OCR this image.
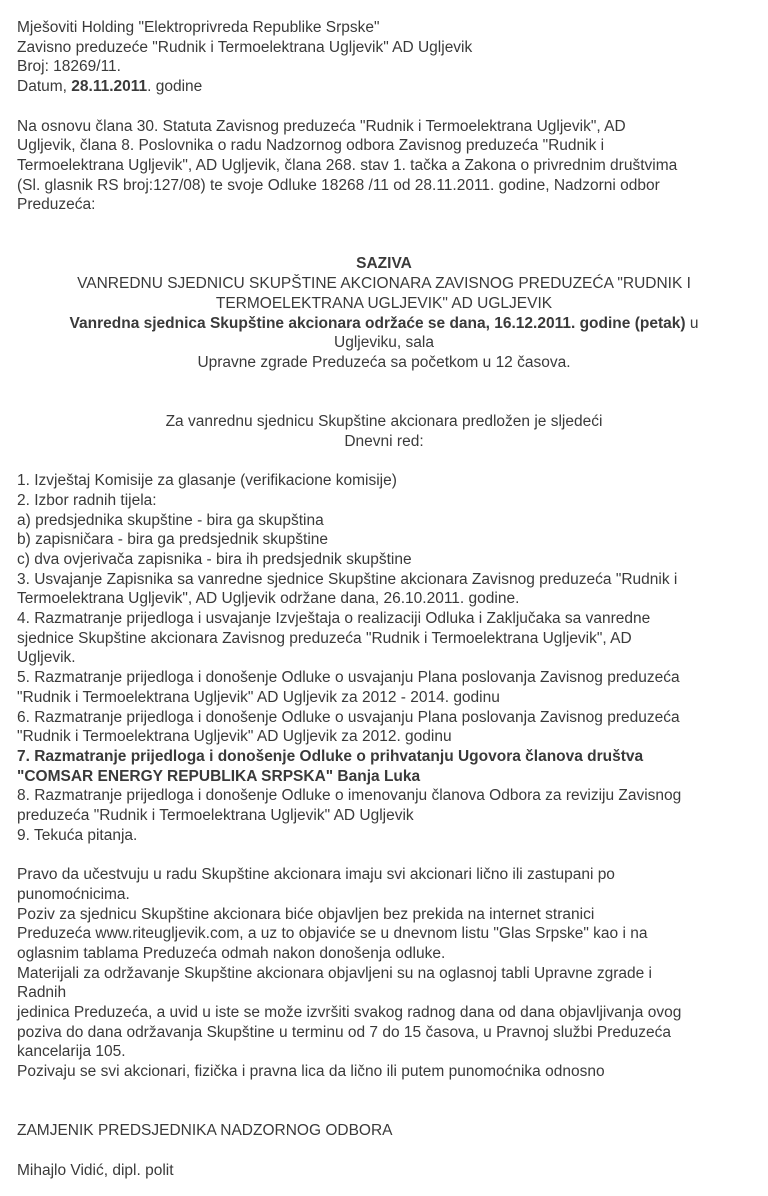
Mješoviti Holding "Elektroprivreda Republike Srpske"
Zavisno preduzeće "Rudnik i Termoelektrana Ugljevik" AD Ugljevik
Broj: 18269/11.
Datum, 28.11.2011. godine
Na osnovu člana 30. Statuta Zavisnog preduzeća "Rudnik i Termoelektrana Ugljevik", AD
Ugljevik, člana 8. Poslovnika o radu Nadzornog odbora Zavisnog preduzeća "Rudnik i
Termoelektrana Ugljevik", AD Ugljevik, člana 268. stav 1. tačka a Zakona o privrednim društvima
(Sl. glasnik RS broj:127/08) te svoje Odluke 18268 /11 od 28.11.2011. godine, Nadzorni odbor
Preduzeća:
SAZIVA
VANREDNU SJEDNICU SKUPŠTINE AKCIONARA ZAVISNOG PREDUZEĆA "RUDNIK I
TERMOELEKTRANA UGLJEVIK" AD UGLJEVIK
Vanredna sjednica Skupštine akcionara održaće se dana, 16.12.2011. godine (petak) u
Ugljeviku, sala
Upravne zgrade Preduzeća sa početkom u 12 časova.
Za vanrednu sjednicu Skupštine akcionara predložen je sljedeći
Dnevni red:
1. Izvještaj Komisije za glasanje (verifikacione komisije)
2. Izbor radnih tijela:
a) predsjednika skupštine - bira ga skupština
b) zapisničara - bira ga predsjednik skupštine
c) dva ovjerivača zapisnika - bira ih predsjednik skupštine
3. Usvajanje Zapisnika sa vanredne sjednice Skupštine akcionara Zavisnog preduzeća "Rudnik i
Termoelektrana Ugljevik", AD Ugljevik održane dana, 26.10.2011. godine.
4. Razmatranje prijedloga i usvajanje Izvještaja o realizaciji Odluka i Zaključaka sa vanredne
sjednice Skupštine akcionara Zavisnog preduzeća "Rudnik i Termoelektrana Ugljevik", AD
Ugljevik.
5. Razmatranje prijedloga i donošenje Odluke o usvajanju Plana poslovanja Zavisnog preduzeća
"Rudnik i Termoelektrana Ugljevik" AD Ugljevik za 2012 - 2014. godinu
6. Razmatranje prijedloga i donošenje Odluke o usvajanju Plana poslovanja Zavisnog preduzeća
"Rudnik i Termoelektrana Ugljevik" AD Ugljevik za 2012. godinu
7. Razmatranje prijedloga i donošenje Odluke o prihvatanju Ugovora članova društva
"COMSAR ENERGY REPUBLIKA SRPSKA" Banja Luka
8. Razmatranje prijedloga i donošenje Odluke o imenovanju članova Odbora za reviziju Zavisnog
preduzeća "Rudnik i Termoelektrana Ugljevik" AD Ugljevik
9. Tekuća pitanja.
Pravo da učestvuju u radu Skupštine akcionara imaju svi akcionari lično ili zastupani po
punomoćnicima.
Poziv za sjednicu Skupštine akcionara biće objavljen bez prekida na internet stranici
Preduzeća www.riteugljevik.com, a uz to objaviće se u dnevnom listu "Glas Srpske" kao i na
oglasnim tablama Preduzeća odmah nakon donošenja odluke.
Materijali za održavanje Skupštine akcionara objavljeni su na oglasnoj tabli Upravne zgrade i
Radnih
jedinica Preduzeća, a uvid u iste se može izvršiti svakog radnog dana od dana objavljivanja ovog
poziva do dana održavanja Skupštine u terminu od 7 do 15 časova, u Pravnoj službi Preduzeća
kancelarija 105.
Pozivaju se svi akcionari, fizička i pravna lica da lično ili putem punomoćnika odnosno
ZAMJENIK PREDSJEDNIKA NADZORNOG ODBORA
Mihajlo Vidić, dipl. polit
